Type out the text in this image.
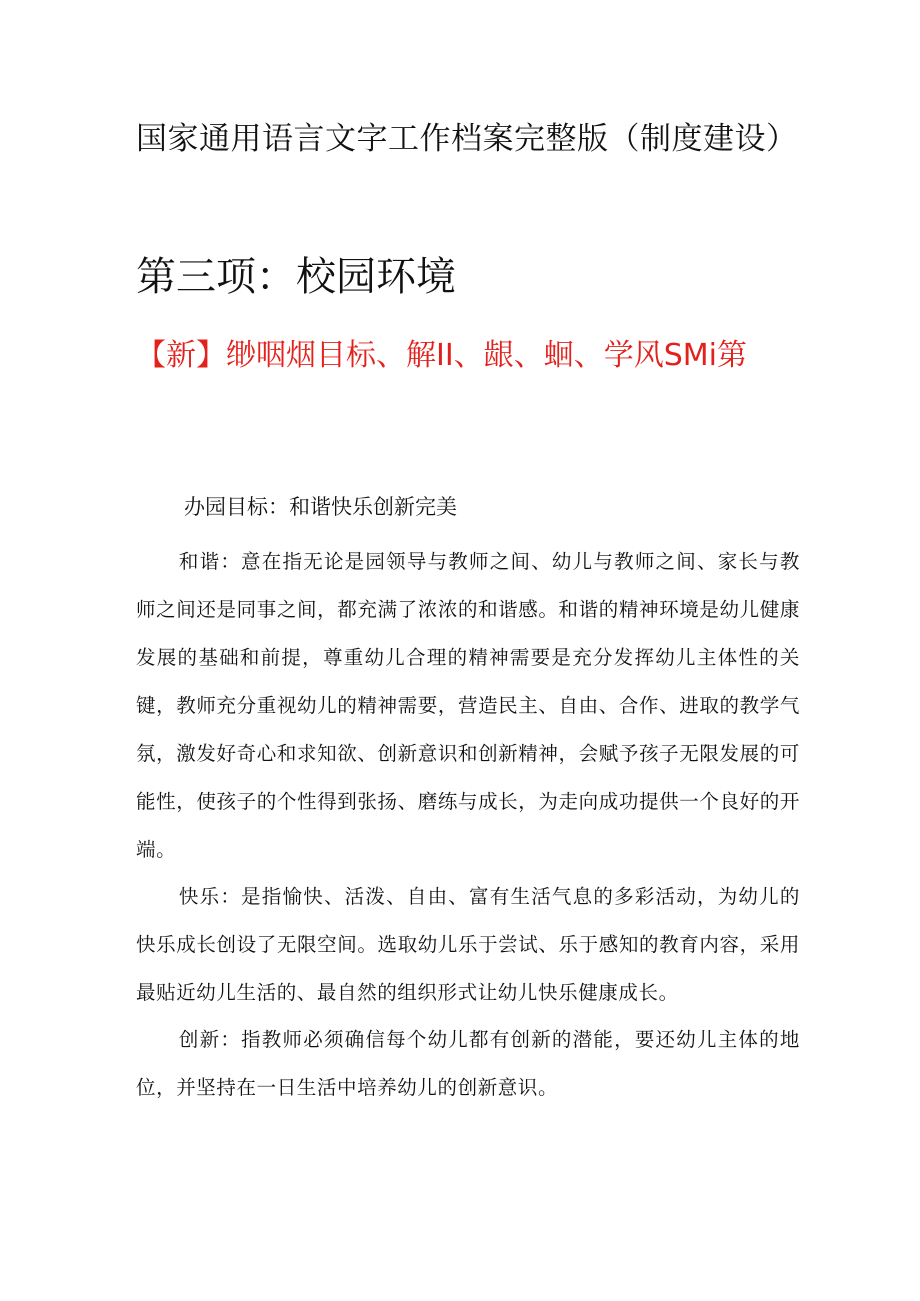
国家通用语言文字工作档案完整版（制度建设）
第三项：校园环境
【新】缈咽烟目标、解II、龈、蛔、学风SMi第
办园目标：和谐快乐创新完美

和谐：意在指无论是园领导与教师之间、幼儿与教师之间、家长与教师之间还是同事之间，都充满了浓浓的和谐感。和谐的精神环境是幼儿健康发展的基础和前提，尊重幼儿合理的精神需要是充分发挥幼儿主体性的关键，教师充分重视幼儿的精神需要，营造民主、自由、合作、进取的教学气氛，激发好奇心和求知欲、创新意识和创新精神，会赋予孩子无限发展的可能性，使孩子的个性得到张扬、磨练与成长，为走向成功提供一个良好的开端。

快乐：是指愉快、活泼、自由、富有生活气息的多彩活动，为幼儿的快乐成长创设了无限空间。选取幼儿乐于尝试、乐于感知的教育内容，采用最贴近幼儿生活的、最自然的组织形式让幼儿快乐健康成长。

创新：指教师必须确信每个幼儿都有创新的潜能，要还幼儿主体的地位，并坚持在一日生活中培养幼儿的创新意识。
